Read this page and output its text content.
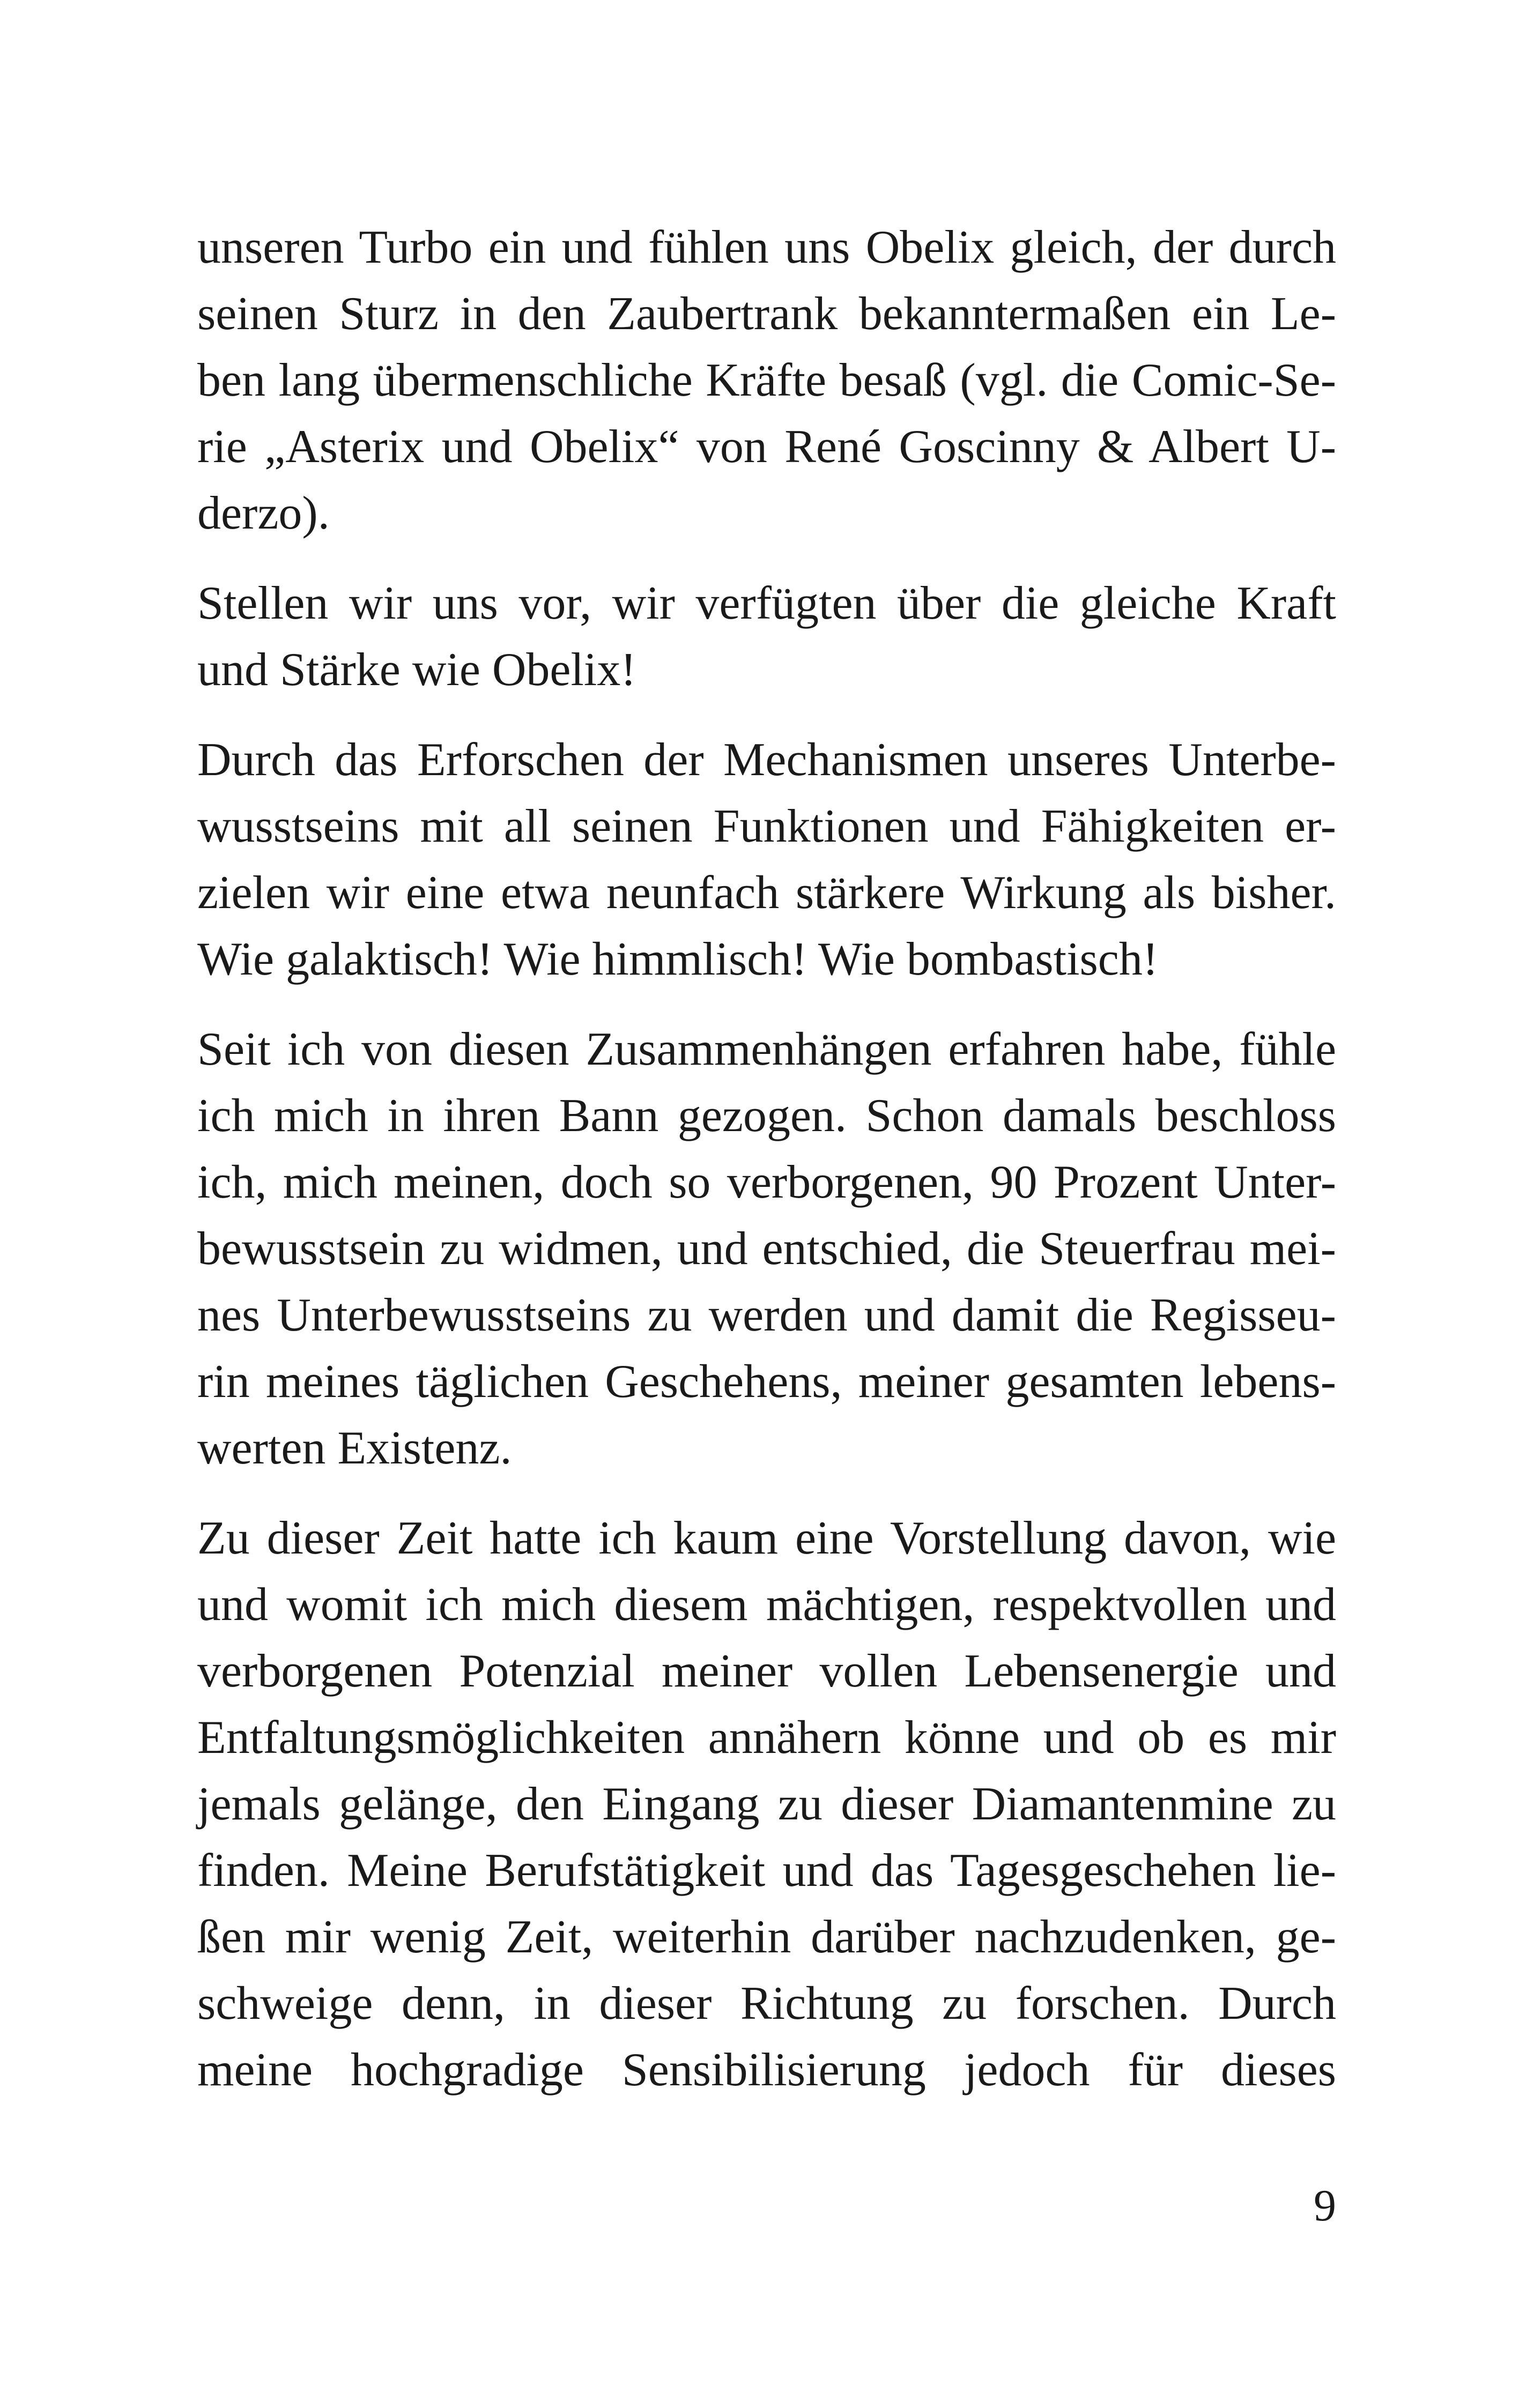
unseren Turbo ein und fühlen uns Obelix gleich, der durch
seinen Sturz in den Zaubertrank bekanntermaßen ein Le-
ben lang übermenschliche Kräfte besaß (vgl. die Comic-Se-
rie „Asterix und Obelix“ von René Goscinny & Albert U-
derzo).
Stellen wir uns vor, wir verfügten über die gleiche Kraft
und Stärke wie Obelix!
Durch das Erforschen der Mechanismen unseres Unterbe-
wusstseins mit all seinen Funktionen und Fähigkeiten er-
zielen wir eine etwa neunfach stärkere Wirkung als bisher.
Wie galaktisch! Wie himmlisch! Wie bombastisch!
Seit ich von diesen Zusammenhängen erfahren habe, fühle
ich mich in ihren Bann gezogen. Schon damals beschloss
ich, mich meinen, doch so verborgenen, 90 Prozent Unter-
bewusstsein zu widmen, und entschied, die Steuerfrau mei-
nes Unterbewusstseins zu werden und damit die Regisseu-
rin meines täglichen Geschehens, meiner gesamten lebens-
werten Existenz.
Zu dieser Zeit hatte ich kaum eine Vorstellung davon, wie
und womit ich mich diesem mächtigen, respektvollen und
verborgenen Potenzial meiner vollen Lebensenergie und
Entfaltungsmöglichkeiten annähern könne und ob es mir
jemals gelänge, den Eingang zu dieser Diamantenmine zu
finden. Meine Berufstätigkeit und das Tagesgeschehen lie-
ßen mir wenig Zeit, weiterhin darüber nachzudenken, ge-
schweige denn, in dieser Richtung zu forschen. Durch
meine hochgradige Sensibilisierung jedoch für dieses
9
